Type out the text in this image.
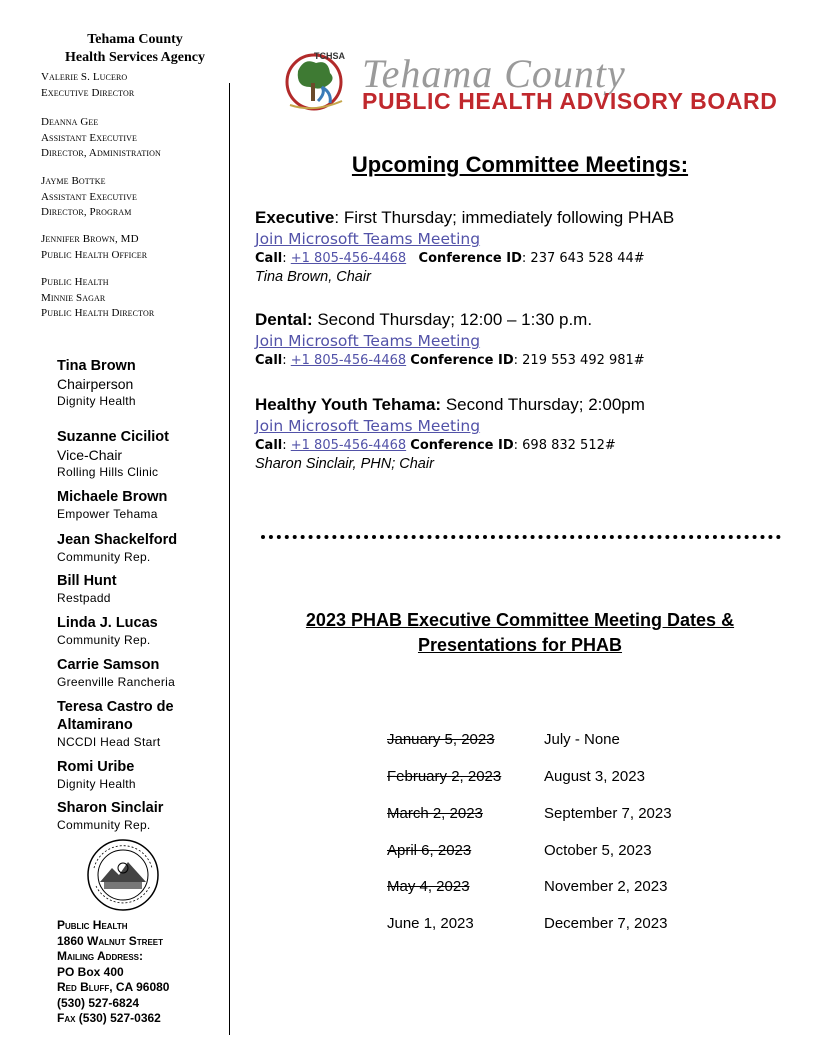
Tehama County
Health Services Agency
Valerie S. Lucero
Executive Director
Deanna Gee
Assistant Executive
Director, Administration
Jayme Bottke
Assistant Executive
Director, Program
Jennifer Brown, MD
Public Health Officer
Public Health
Minnie Sagar
Public Health Director
Tina Brown
Chairperson
Dignity Health
Suzanne Ciciliot
Vice-Chair
Rolling Hills Clinic
Michaele Brown
Empower Tehama
Jean Shackelford
Community Rep.
Bill Hunt
Restpadd
Linda J. Lucas
Community Rep.
Carrie Samson
Greenville Rancheria
Teresa Castro de
Altamirano
NCCDI Head Start
Romi Uribe
Dignity Health
Sharon Sinclair
Community Rep.
Public Health
1860 Walnut Street
Mailing Address:
PO Box 400
Red Bluff, CA 96080
(530) 527-6824
Fax (530) 527-0362
TCHSA Tehama County
PUBLIC HEALTH ADVISORY BOARD
Upcoming Committee Meetings:
Executive: First Thursday; immediately following PHAB
Join Microsoft Teams Meeting
Call: +1 805-456-4468 Conference ID: 237 643 528 44#
Tina Brown, Chair
Dental: Second Thursday; 12:00 – 1:30 p.m.
Join Microsoft Teams Meeting
Call: +1 805-456-4468 Conference ID: 219 553 492 981#
Healthy Youth Tehama: Second Thursday; 2:00pm
Join Microsoft Teams Meeting
Call: +1 805-456-4468 Conference ID: 698 832 512#
Sharon Sinclair, PHN; Chair
2023 PHAB Executive Committee Meeting Dates &
Presentations for PHAB
January 5, 2023
February 2, 2023
March 2, 2023
April 6, 2023
May 4, 2023
June 1, 2023
July - None
August 3, 2023
September 7, 2023
October 5, 2023
November 2, 2023
December 7, 2023
